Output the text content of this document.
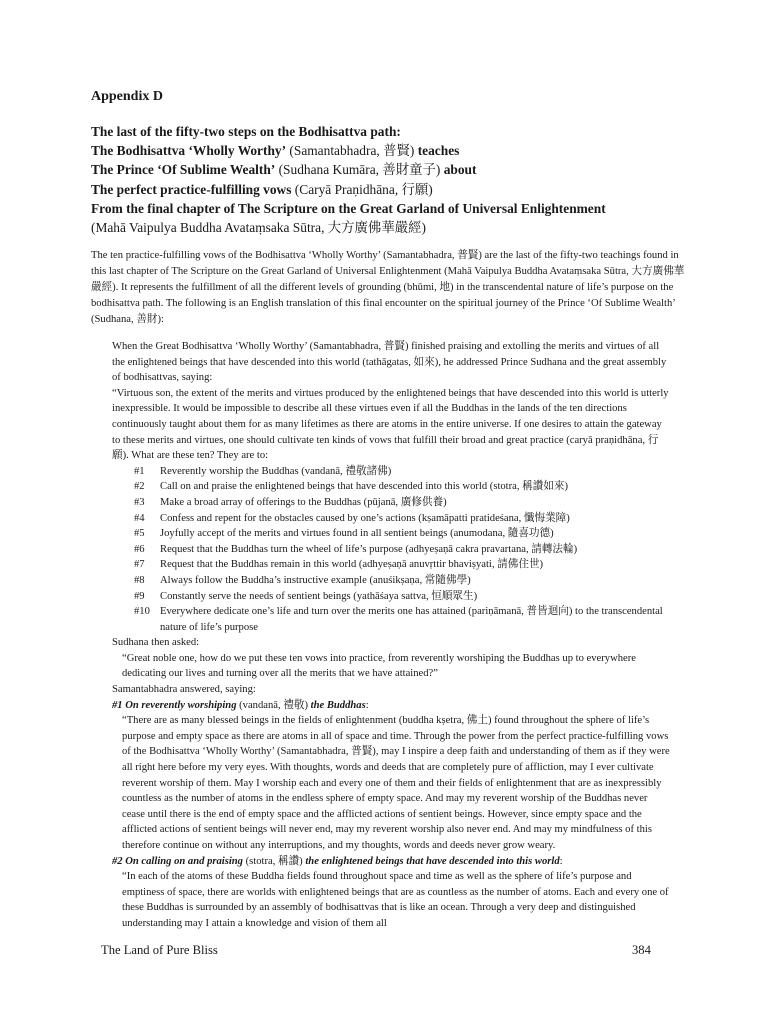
Appendix D
The last of the fifty-two steps on the Bodhisattva path:
The Bodhisattva ‘Wholly Worthy’ (Samantabhadra, 普賢) teaches
The Prince ‘Of Sublime Wealth’ (Sudhana Kumāra, 善財童子) about
The perfect practice-fulfilling vows (Caryā Praṇidhāna, 行願)
From the final chapter of The Scripture on the Great Garland of Universal Enlightenment
(Mahā Vaipulya Buddha Avataṃsaka Sūtra, 大方廣佛華嚴經)
The ten practice-fulfilling vows of the Bodhisattva ‘Wholly Worthy’ (Samantabhadra, 普賢) are the last of the fifty-two teachings found in this last chapter of The Scripture on the Great Garland of Universal Enlightenment (Mahā Vaipulya Buddha Avataṃsaka Sūtra, 大方廣佛華嚴經). It represents the fulfillment of all the different levels of grounding (bhūmi, 地) in the transcendental nature of life’s purpose on the bodhisattva path. The following is an English translation of this final encounter on the spiritual journey of the Prince ‘Of Sublime Wealth’ (Sudhana, 善財):
When the Great Bodhisattva ‘Wholly Worthy’ (Samantabhadra, 普賢) finished praising and extolling the merits and virtues of all the enlightened beings that have descended into this world (tathāgatas, 如來), he addressed Prince Sudhana and the great assembly of bodhisattvas, saying:
“Virtuous son, the extent of the merits and virtues produced by the enlightened beings that have descended into this world is utterly inexpressible. It would be impossible to describe all these virtues even if all the Buddhas in the lands of the ten directions continuously taught about them for as many lifetimes as there are atoms in the entire universe. If one desires to attain the gateway to these merits and virtues, one should cultivate ten kinds of vows that fulfill their broad and great practice (caryā praṇidhāna, 行願). What are these ten? They are to:
#1	Reverently worship the Buddhas (vandanā, 禮敬諸佛)
#2	Call on and praise the enlightened beings that have descended into this world (stotra, 稱讚如來)
#3	Make a broad array of offerings to the Buddhas (pūjanā, 廣修供養)
#4	Confess and repent for the obstacles caused by one’s actions (kṣamāpatti pratideśana, 懺悔業障)
#5	Joyfully accept of the merits and virtues found in all sentient beings (anumodana, 隨喜功德)
#6	Request that the Buddhas turn the wheel of life’s purpose (adhyeṣaṇā cakra pravartana, 請轉法輪)
#7	Request that the Buddhas remain in this world (adhyeṣaṇā anuvṛttir bhaviṣyati, 請佛住世)
#8	Always follow the Buddha’s instructive example (anuśikṣaṇa, 常隨佛學)
#9	Constantly serve the needs of sentient beings (yathāśaya sattva, 恒順眾生)
#10 Everywhere dedicate one’s life and turn over the merits one has attained (pariṇāmanā, 普皆迴向) to the transcendental nature of life’s purpose
Sudhana then asked:
“Great noble one, how do we put these ten vows into practice, from reverently worshiping the Buddhas up to everywhere dedicating our lives and turning over all the merits that we have attained?”
Samantabhadra answered, saying:
#1 On reverently worshiping (vandanā, 禮敬) the Buddhas:
“There are as many blessed beings in the fields of enlightenment (buddha kṣetra, 佛土) found throughout the sphere of life’s purpose and empty space as there are atoms in all of space and time. Through the power from the perfect practice-fulfilling vows of the Bodhisattva ‘Wholly Worthy’ (Samantabhadra, 普賢), may I inspire a deep faith and understanding of them as if they were all right here before my very eyes. With thoughts, words and deeds that are completely pure of affliction, may I ever cultivate reverent worship of them. May I worship each and every one of them and their fields of enlightenment that are as inexpressibly countless as the number of atoms in the endless sphere of empty space. And may my reverent worship of the Buddhas never cease until there is the end of empty space and the afflicted actions of sentient beings. However, since empty space and the afflicted actions of sentient beings will never end, may my reverent worship also never end. And may my mindfulness of this therefore continue on without any interruptions, and my thoughts, words and deeds never grow weary.
#2 On calling on and praising (stotra, 稱讚) the enlightened beings that have descended into this world:
“In each of the atoms of these Buddha fields found throughout space and time as well as the sphere of life’s purpose and emptiness of space, there are worlds with enlightened beings that are as countless as the number of atoms. Each and every one of these Buddhas is surrounded by an assembly of bodhisattvas that is like an ocean. Through a very deep and distinguished understanding may I attain a knowledge and vision of them all
The Land of Pure Bliss	384
